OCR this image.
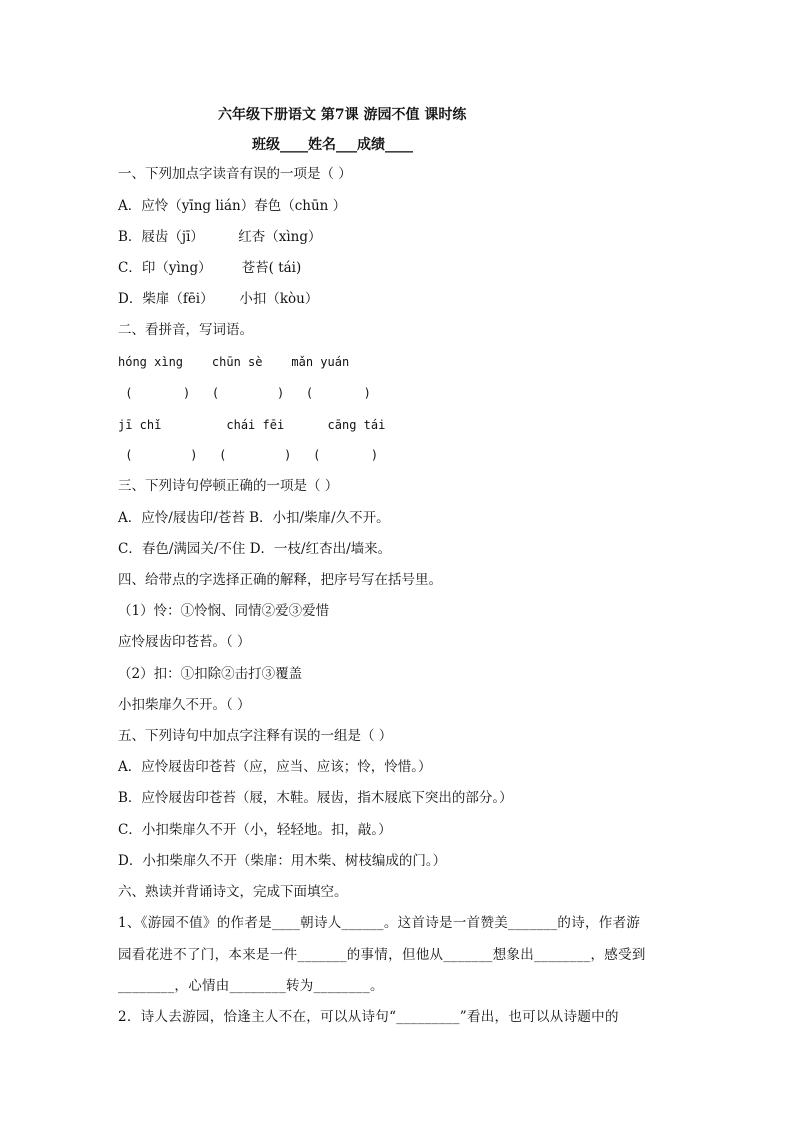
六年级下册语文 第7课 游园不值 课时练
班级____姓名___成绩____
一、下列加点字读音有误的一项是（ ）
A．应怜（yīng lián）春色（chūn ）
B．屐齿（jī）        红杏（xìng）
C．印（yìng）       苍苔( tái)
D．柴扉（fēi）      小扣（kòu）
二、看拼音，写词语。
hóng xìng    chūn sè    mǎn yuán
(       )   (        )   (       )
jī chǐ         chái fēi      cāng tái
(        )   (        )   (       )
三、下列诗句停顿正确的一项是（ ）
A．应怜/屐齿印/苍苔 B．小扣/柴扉/久不开。
C．春色/满园关/不住 D．一枝/红杏出/墙来。
四、给带点的字选择正确的解释，把序号写在括号里。
（1）怜：①怜悯、同情②爱③爱惜
应怜屐齿印苍苔。（ ）
（2）扣：①扣除②击打③覆盖
小扣柴扉久不开。（ ）
五、下列诗句中加点字注释有误的一组是（ ）
A．应怜屐齿印苍苔（应，应当、应该；怜，怜惜。）
B．应怜屐齿印苍苔（屐，木鞋。屐齿，指木屐底下突出的部分。）
C．小扣柴扉久不开（小，轻轻地。扣，敲。）
D．小扣柴扉久不开（柴扉：用木柴、树枝编成的门。）
六、熟读并背诵诗文，完成下面填空。
1、《游园不值》的作者是____朝诗人______。这首诗是一首赞美_______的诗，作者游
园看花进不了门，本来是一件_______的事情，但他从_______想象出________，感受到
________，心情由________转为________。
2．诗人去游园，恰逢主人不在，可以从诗句“_________”看出，也可以从诗题中的
